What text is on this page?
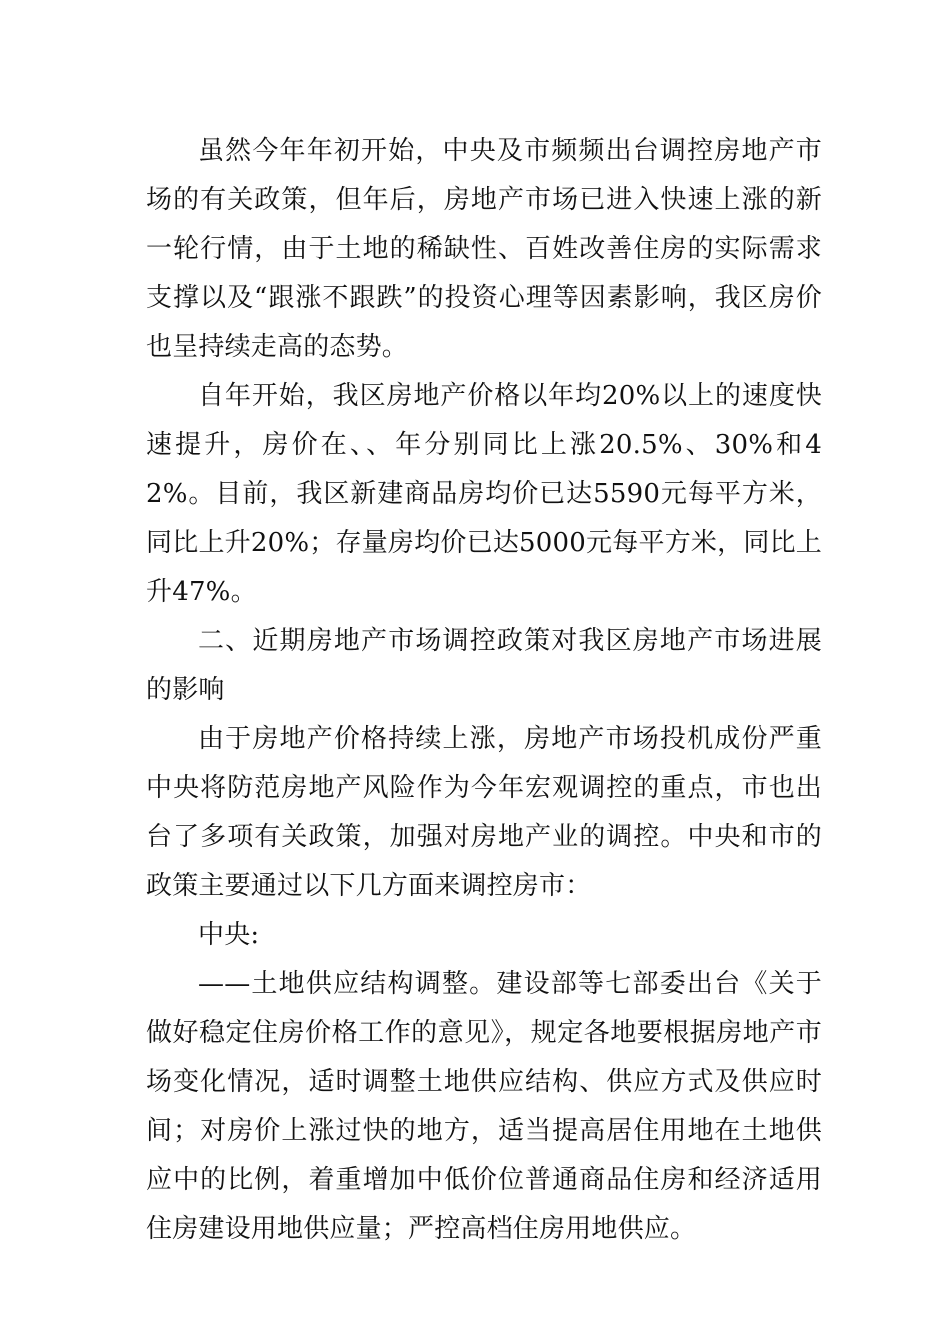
虽然今年年初开始，中央及市频频出台调控房地产市场的有关政策，但年后，房地产市场已进入快速上涨的新一轮行情，由于土地的稀缺性、百姓改善住房的实际需求支撑以及“跟涨不跟跌”的投资心理等因素影响，我区房价也呈持续走高的态势。

自年开始，我区房地产价格以年均20%以上的速度快速提升，房价在、、年分别同比上涨20.5%、30%和42%。目前，我区新建商品房均价已达5590元每平方米，同比上升20%；存量房均价已达5000元每平方米，同比上升47%。

二、近期房地产市场调控政策对我区房地产市场进展的影响

由于房地产价格持续上涨，房地产市场投机成份严重中央将防范房地产风险作为今年宏观调控的重点，市也出台了多项有关政策，加强对房地产业的调控。中央和市的政策主要通过以下几方面来调控房市：

中央:

——土地供应结构调整。建设部等七部委出台《关于做好稳定住房价格工作的意见》，规定各地要根据房地产市场变化情况，适时调整土地供应结构、供应方式及供应时间；对房价上涨过快的地方，适当提高居住用地在土地供应中的比例，着重增加中低价位普通商品住房和经济适用住房建设用地供应量；严控高档住房用地供应。
